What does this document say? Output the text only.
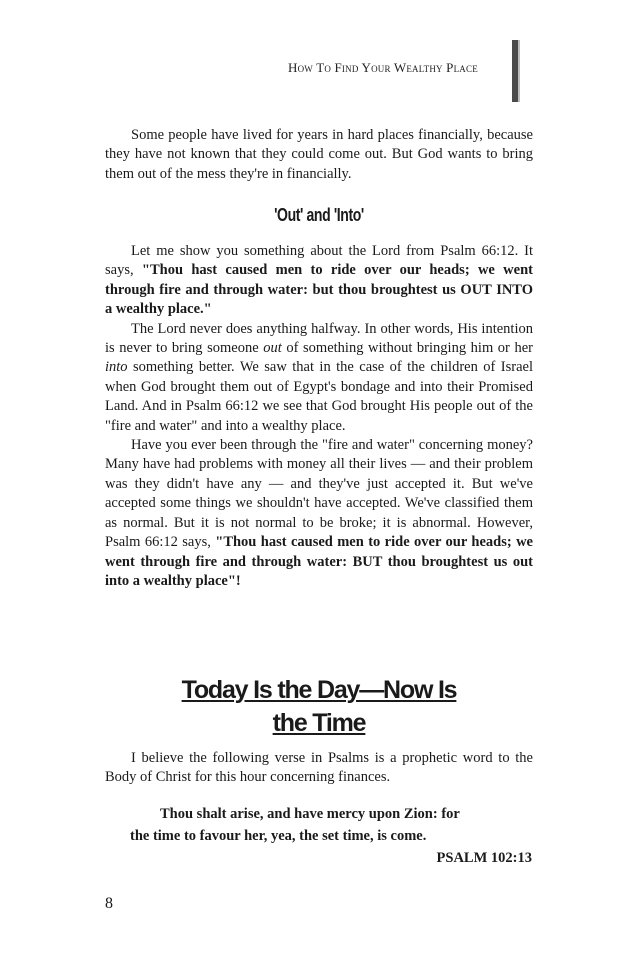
How To Find Your Wealthy Place

Some people have lived for years in hard places financially, because they have not known that they could come out. But God wants to bring them out of the mess they're in financially.

'Out' and 'Into'

Let me show you something about the Lord from Psalm 66:12. It says, "Thou hast caused men to ride over our heads; we went through fire and through water: but thou broughtest us OUT INTO a wealthy place."

The Lord never does anything halfway. In other words, His intention is never to bring someone out of something without bringing him or her into something better. We saw that in the case of the children of Israel when God brought them out of Egypt's bondage and into their Promised Land. And in Psalm 66:12 we see that God brought His people out of the "fire and water" and into a wealthy place.

Have you ever been through the "fire and water" concerning money? Many have had problems with money all their lives — and their problem was they didn't have any — and they've just accepted it. But we've accepted some things we shouldn't have accepted. We've classified them as normal. But it is not normal to be broke; it is abnormal. However, Psalm 66:12 says, "Thou hast caused men to ride over our heads; we went through fire and through water: BUT thou broughtest us out into a wealthy place"!

Today Is the Day—Now Is
the Time

I believe the following verse in Psalms is a prophetic word to the Body of Christ for this hour concerning finances.

Thou shalt arise, and have mercy upon Zion: for
the time to favour her, yea, the set time, is come.
PSALM 102:13
8
